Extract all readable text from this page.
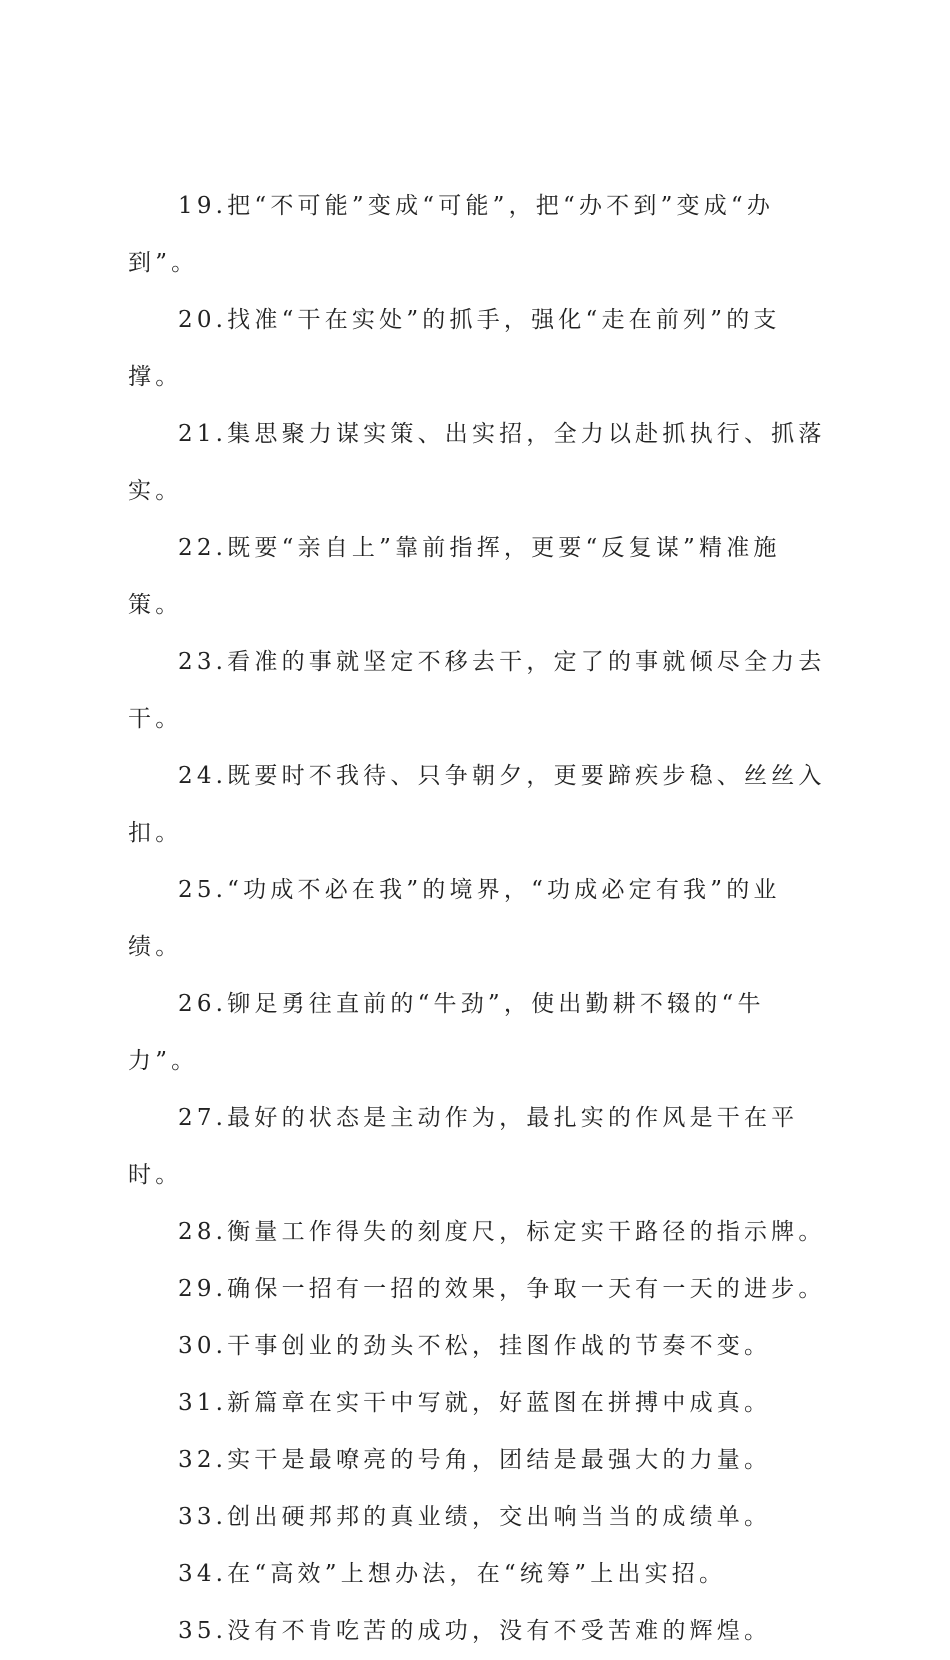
19.把“不可能”变成“可能”，把“办不到”变成“办到”。

20.找准“干在实处”的抓手，强化“走在前列”的支撑。

21.集思聚力谋实策、出实招，全力以赴抓执行、抓落实。

22.既要“亲自上”靠前指挥，更要“反复谋”精准施策。

23.看准的事就坚定不移去干，定了的事就倾尽全力去干。

24.既要时不我待、只争朝夕，更要蹄疾步稳、丝丝入扣。

25.“功成不必在我”的境界，“功成必定有我”的业绩。

26.铆足勇往直前的“牛劲”，使出勤耕不辍的“牛力”。

27.最好的状态是主动作为，最扎实的作风是干在平时。

28.衡量工作得失的刻度尺，标定实干路径的指示牌。

29.确保一招有一招的效果，争取一天有一天的进步。

30.干事创业的劲头不松，挂图作战的节奏不变。

31.新篇章在实干中写就，好蓝图在拼搏中成真。

32.实干是最嘹亮的号角，团结是最强大的力量。

33.创出硬邦邦的真业绩，交出响当当的成绩单。

34.在“高效”上想办法，在“统筹”上出实招。

35.没有不肯吃苦的成功，没有不受苦难的辉煌。
